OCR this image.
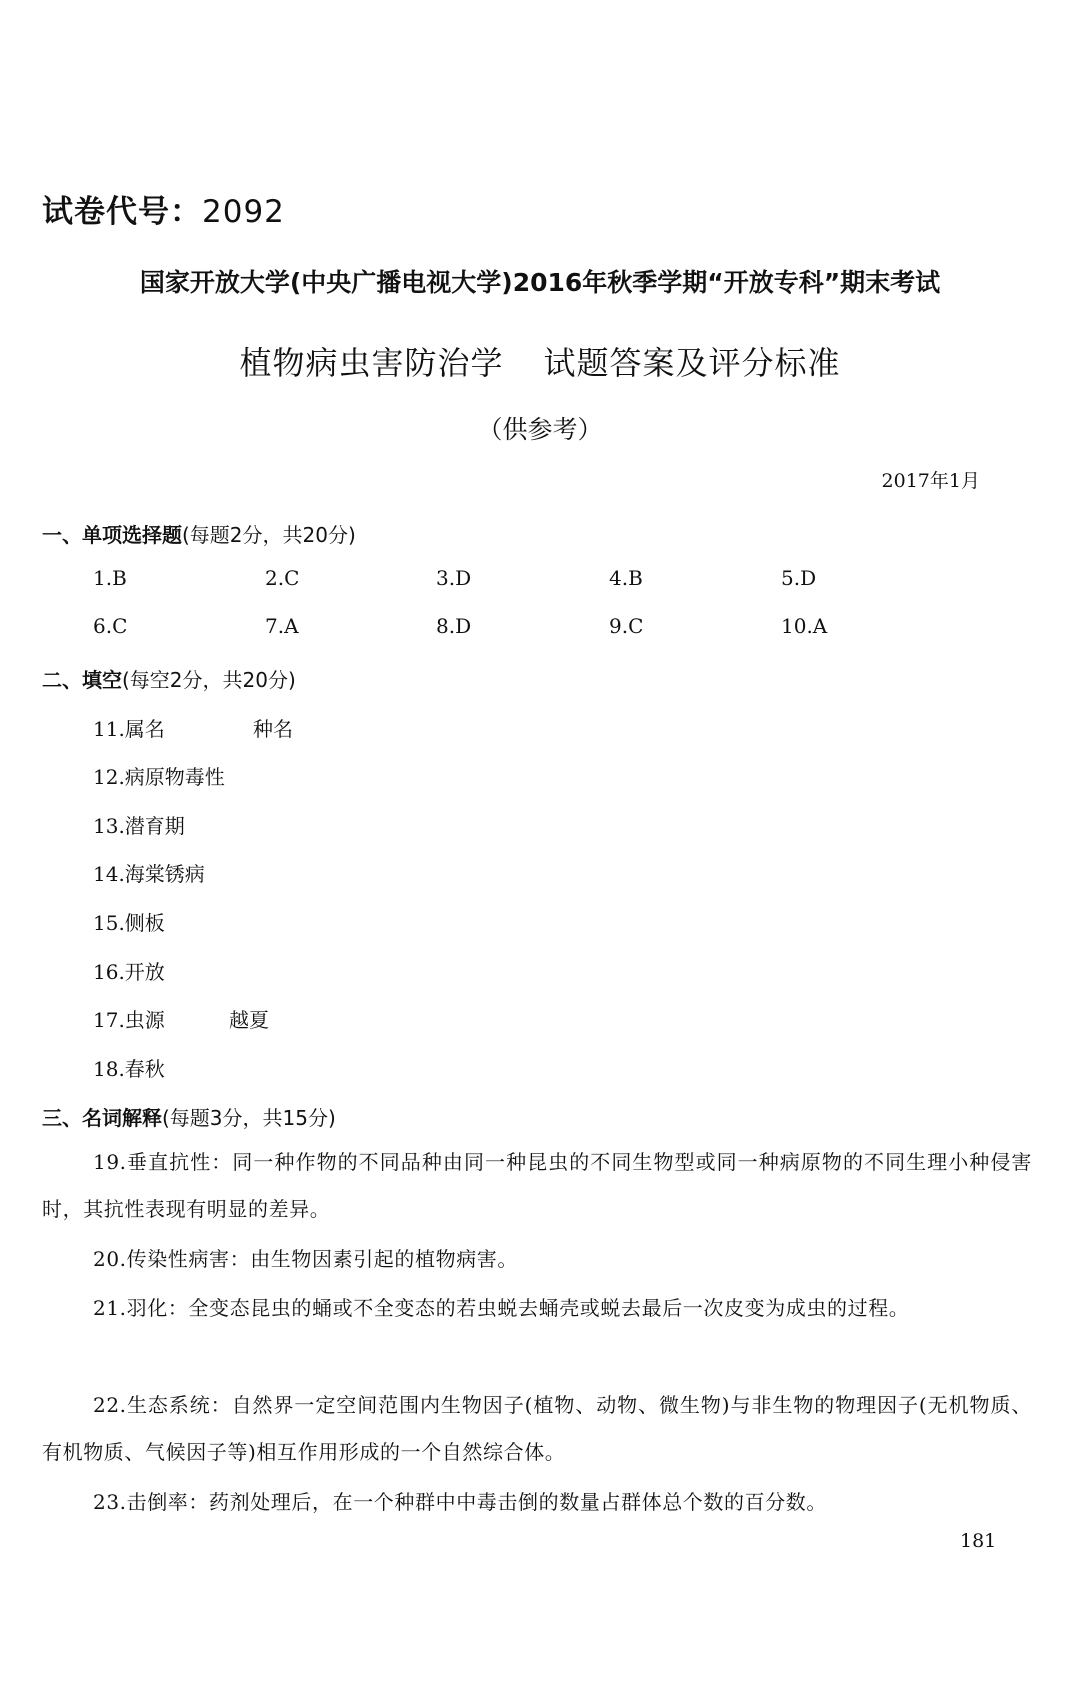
试卷代号：2092
国家开放大学(中央广播电视大学)2016年秋季学期“开放专科”期末考试
植物病虫害防治学 试题答案及评分标准
（供参考）
2017年1月
一、单项选择题(每题2分，共20分)
1.B	2.C	3.D	4.B	5.D
6.C	7.A	8.D	9.C	10.A
二、填空(每空2分，共20分)
11.属名	种名
12.病原物毒性
13.潜育期
14.海棠锈病
15.侧板
16.开放
17.虫源	越夏
18.春秋
三、名词解释(每题3分，共15分)
19.垂直抗性：同一种作物的不同品种由同一种昆虫的不同生物型或同一种病原物的不同生理小种侵害时，其抗性表现有明显的差异。
20.传染性病害：由生物因素引起的植物病害。
21.羽化：全变态昆虫的蛹或不全变态的若虫蜕去蛹壳或蜕去最后一次皮变为成虫的过程。
22.生态系统：自然界一定空间范围内生物因子(植物、动物、微生物)与非生物的物理因子(无机物质、有机物质、气候因子等)相互作用形成的一个自然综合体。
23.击倒率：药剂处理后，在一个种群中中毒击倒的数量占群体总个数的百分数。
181
